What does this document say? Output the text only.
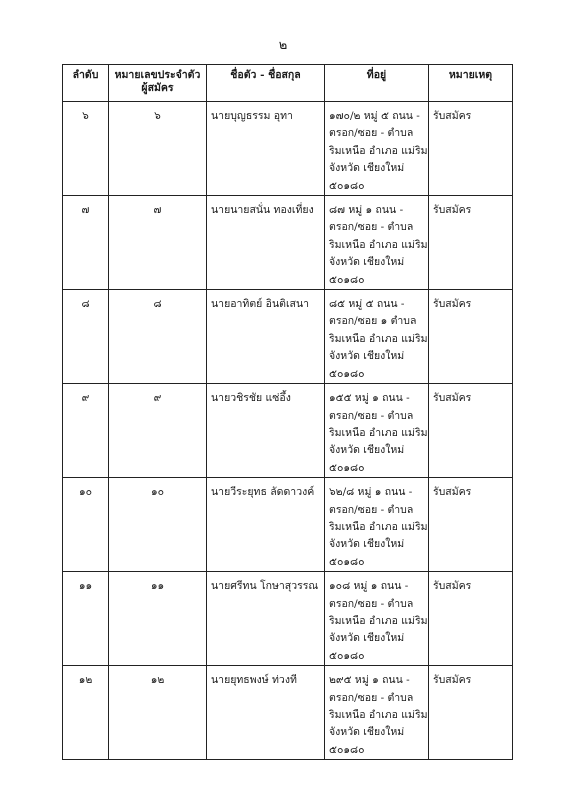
๒
ลำดับ	หมายเลขประจำตัว ผู้สมัคร	ชื่อตัว - ชื่อสกุล	ที่อยู่	หมายเหตุ
๖	๖	นายบุญธรรม อุทา	๑๗๐/๒ หมู่ ๕ ถนน -
ตรอก/ซอย - ตำบล
ริมเหนือ อำเภอ แม่ริม
จังหวัด เชียงใหม่
๕๐๑๘๐	รับสมัคร
๗	๗	นายนายสนั่น ทองเที่ยง	๘๗ หมู่ ๑ ถนน -
ตรอก/ซอย - ตำบล
ริมเหนือ อำเภอ แม่ริม
จังหวัด เชียงใหม่
๕๐๑๘๐	รับสมัคร
๘	๘	นายอาทิตย์ อินติเสนา	๘๕ หมู่ ๕ ถนน -
ตรอก/ซอย ๑ ตำบล
ริมเหนือ อำเภอ แม่ริม
จังหวัด เชียงใหม่
๕๐๑๘๐	รับสมัคร
๙	๙	นายวชิรชัย แซ่อึ้ง	๑๕๕ หมู่ ๑ ถนน -
ตรอก/ซอย - ตำบล
ริมเหนือ อำเภอ แม่ริม
จังหวัด เชียงใหม่
๕๐๑๘๐	รับสมัคร
๑๐	๑๐	นายวีระยุทธ ลัดดาวงค์	๖๒/๘ หมู่ ๑ ถนน -
ตรอก/ซอย - ตำบล
ริมเหนือ อำเภอ แม่ริม
จังหวัด เชียงใหม่
๕๐๑๘๐	รับสมัคร
๑๑	๑๑	นายศรีทน โกษาสุวรรณ	๑๐๘ หมู่ ๑ ถนน -
ตรอก/ซอย - ตำบล
ริมเหนือ อำเภอ แม่ริม
จังหวัด เชียงใหม่
๕๐๑๘๐	รับสมัคร
๑๒	๑๒	นายยุทธพงษ์ ท่วงที	๒๙๕ หมู่ ๑ ถนน -
ตรอก/ซอย - ตำบล
ริมเหนือ อำเภอ แม่ริม
จังหวัด เชียงใหม่
๕๐๑๘๐	รับสมัคร
